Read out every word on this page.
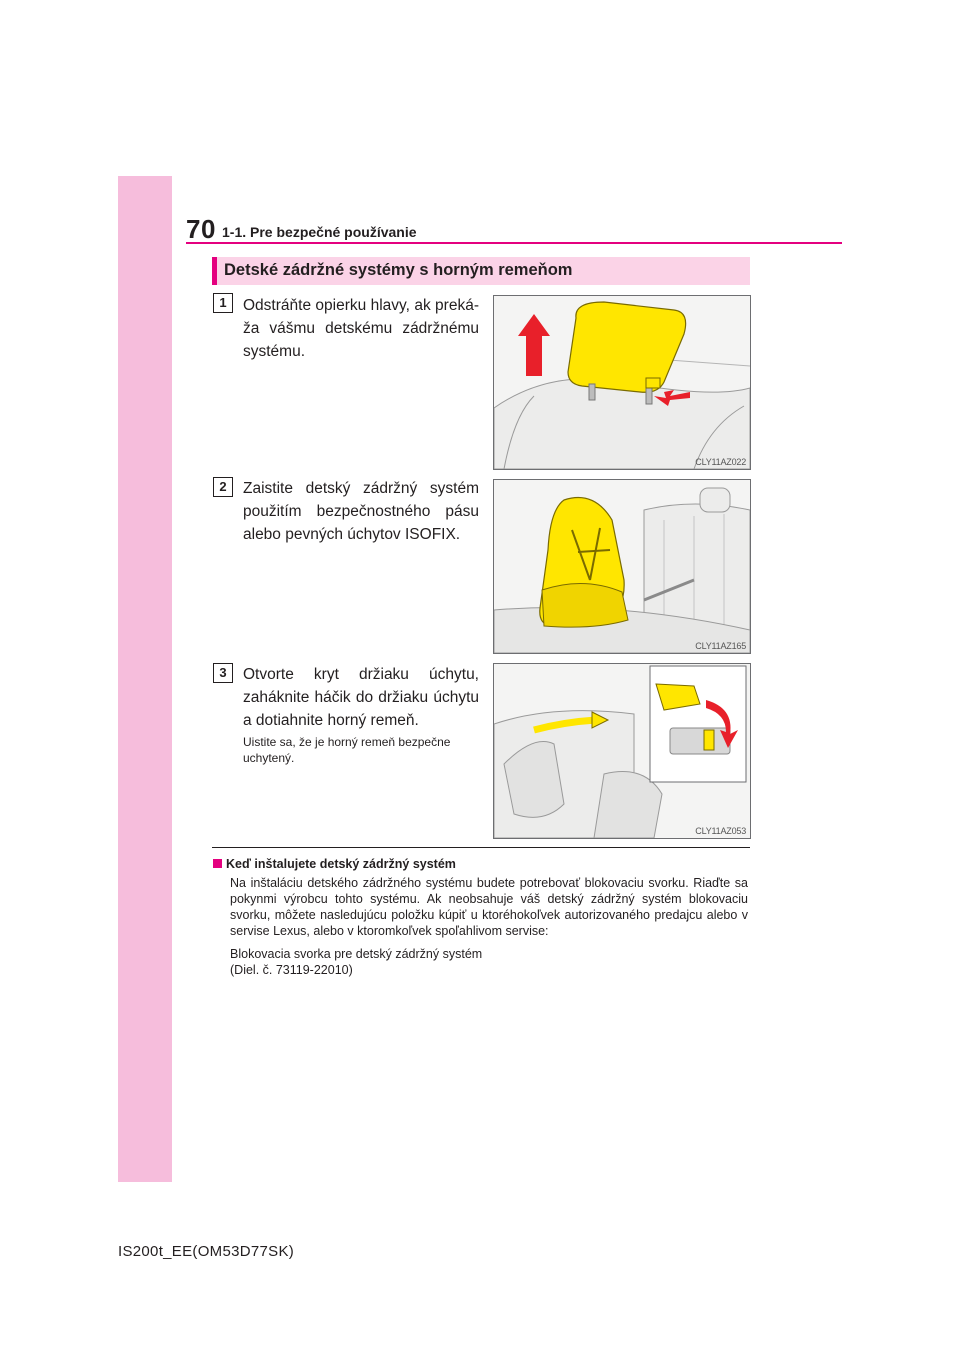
70 1-1. Pre bezpečné používanie
Detské zádržné systémy s horným remeňom
1	Odstráňte opierku hlavy, ak prekáža vášmu detskému zádržnému systému.
CLY11AZ022
2	Zaistite detský zádržný systém použitím bezpečnostného pásu alebo pevných úchytov ISOFIX.
CLY11AZ165
3	Otvorte kryt držiaku úchytu, zaháknite háčik do držiaku úchytu a dotiahnite horný remeň.
Uistite sa, že je horný remeň bezpečne uchytený.
CLY11AZ053
Keď inštalujete detský zádržný systém
Na inštaláciu detského zádržného systému budete potrebovať blokovaciu svorku. Riaďte sa pokynmi výrobcu tohto systému. Ak neobsahuje váš detský zádržný systém blokovaciu svorku, môžete nasledujúcu položku kúpiť u ktoréhokoľvek autorizovaného predajcu alebo v servise Lexus, alebo v ktoromkoľvek spoľahlivom servise:
Blokovacia svorka pre detský zádržný systém
(Diel. č. 73119-22010)
IS200t_EE(OM53D77SK)
